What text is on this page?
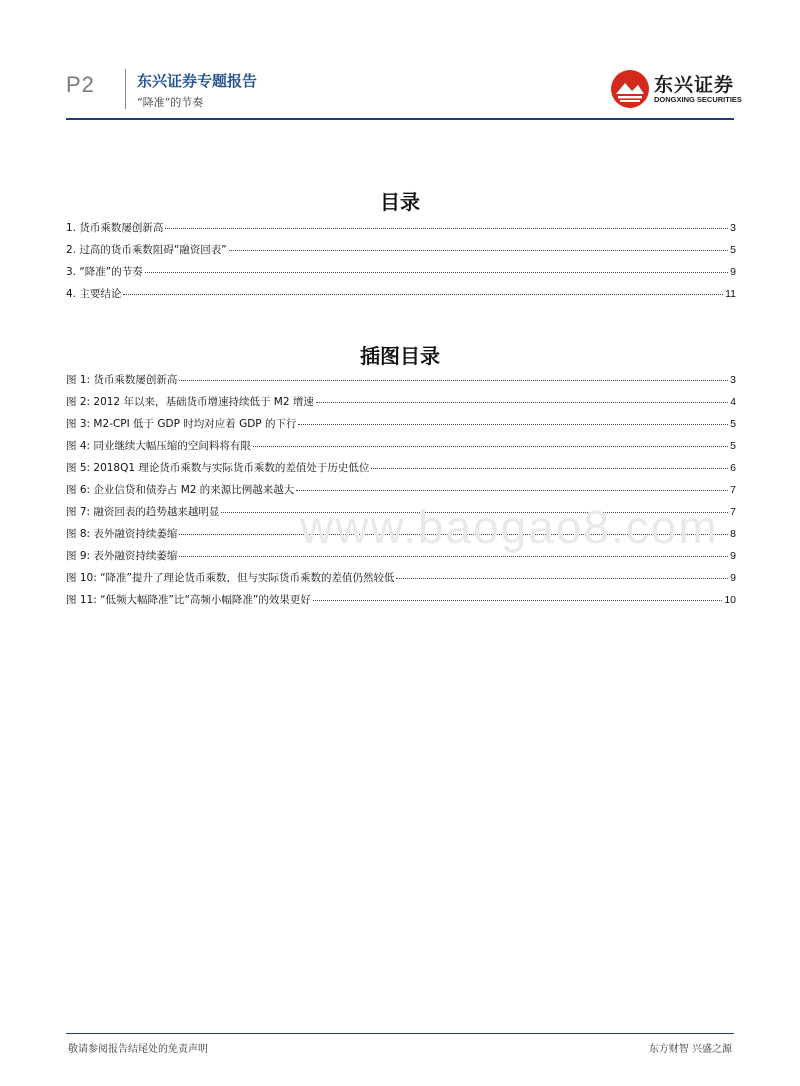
P2	东兴证券专题报告
“降准”的节奏
东兴证券
DONGXING SECURITIES
目录
1. 货币乘数屡创新高	3
2. 过高的货币乘数阻碍“融资回表”	5
3. “降准”的节奏	9
4. 主要结论	11
插图目录
图 1: 货币乘数屡创新高	3
图 2: 2012 年以来，基础货币增速持续低于 M2 增速	4
图 3: M2-CPI 低于 GDP 时均对应着 GDP 的下行	5
图 4: 同业继续大幅压缩的空间料将有限	5
图 5: 2018Q1 理论货币乘数与实际货币乘数的差值处于历史低位	6
图 6: 企业信贷和债券占 M2 的来源比例越来越大	7
图 7: 融资回表的趋势越来越明显	7
图 8: 表外融资持续萎缩	8
图 9: 表外融资持续萎缩	9
图 10: “降准”提升了理论货币乘数，但与实际货币乘数的差值仍然较低	9
图 11: “低频大幅降准”比“高频小幅降准”的效果更好	10
www.baogao8.com
敬请参阅报告结尾处的免责声明	东方财智 兴盛之源
